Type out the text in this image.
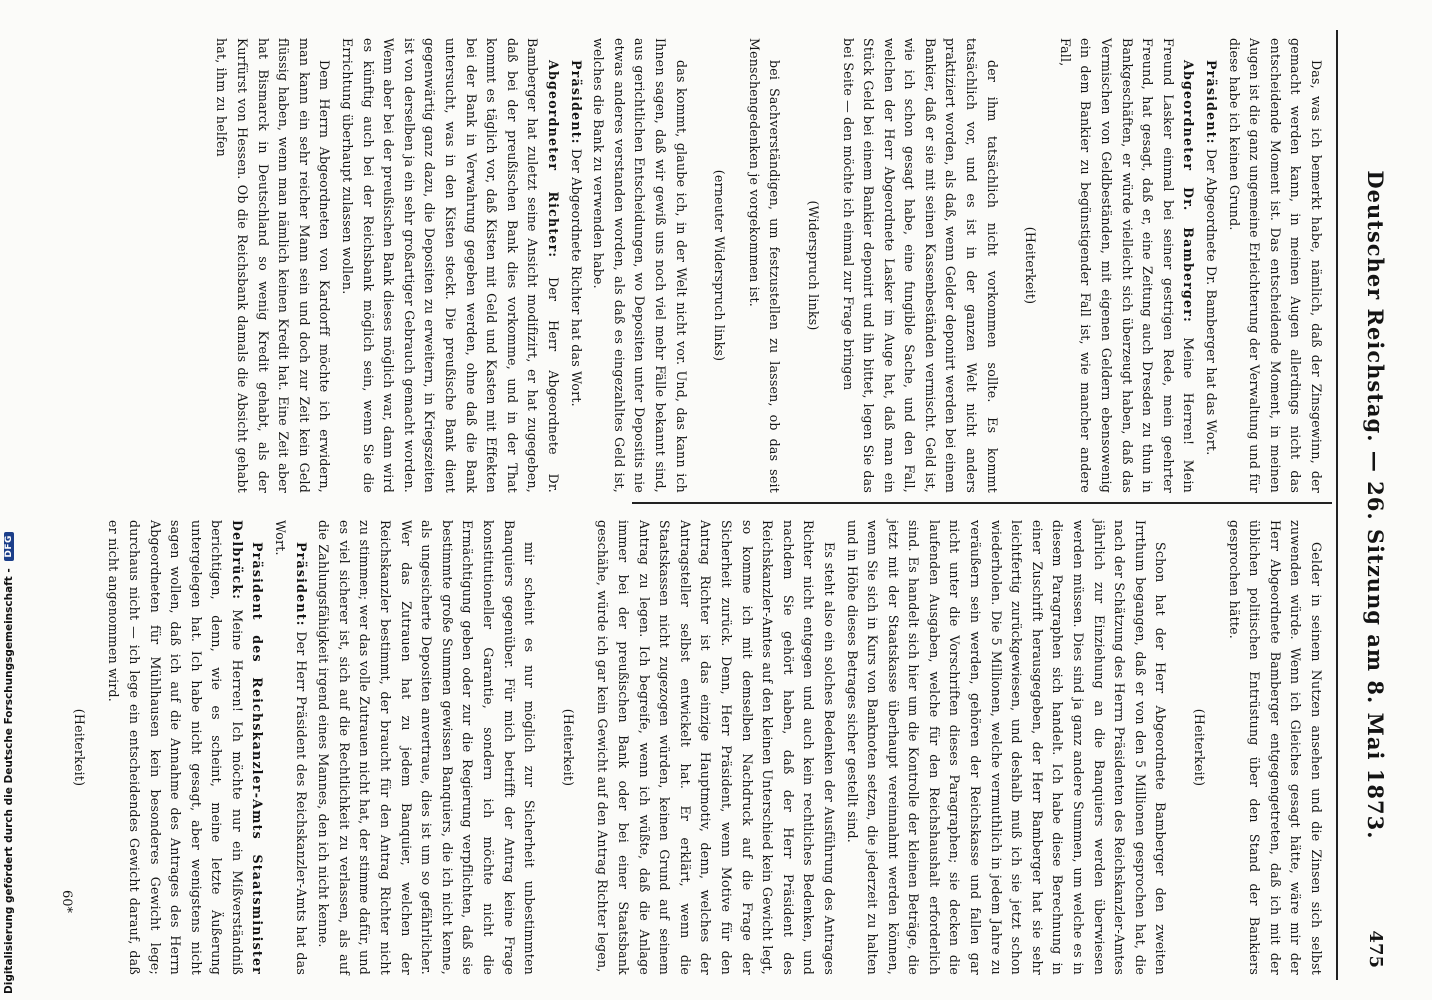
Deutscher Reichstag. — 26. Sitzung am 8. Mai 1873.
475

Das, was ich bemerkt habe, nämlich, daß der Zinsgewinn, der gemacht werden kann, in meinen Augen allerdings nicht das entscheidende Moment ist. Das entscheidende Moment, in meinen Augen ist die ganz ungemeine Erleichterung der Verwaltung und für diese habe ich keinen Grund.

Präsident: Der Abgeordnete Dr. Bamberger hat das Wort.

Abgeordneter Dr. Bamberger: Meine Herren! Mein Freund Lasker einmal bei seiner gestrigen Rede, mein geehrter Freund, hat gesagt, daß er, eine Zeitung auch Dresden zu thun in Bankgeschäften, er würde vielleicht sich überzeugt haben, daß das Vermischen von Geldbeständen, mit eigenen Geldern ebensowenig ein dem Bankier zu begünstigender Fall ist, wie mancher andere Fall,

(Heiterkeit)

der ihm tatsächlich nicht vorkommen sollte. Es kommt tatsächlich vor, und es ist in der ganzen Welt nicht anders praktiziert worden, als daß, wenn Gelder deponirt werden bei einem Bankier, daß er sie mit seinen Kassenbeständen vermischt. Geld ist, wie ich schon gesagt habe, eine fungible Sache, und den Fall, welchen der Herr Abgeordnete Lasker im Auge hat, daß man ein Stück Geld bei einem Bankier deponirt und ihn bittet, legen Sie das bei Seite — den möchte ich einmal zur Frage bringen

(Widerspruch links)

bei Sachverständigen, um festzustellen zu lassen, ob das seit Menschengedenken je vorgekommen ist.

(erneuter Widerspruch links)

das kommt, glaube ich, in der Welt nicht vor. Und, das kann ich Ihnen sagen, daß wir gewiß uns noch viel mehr Fälle bekannt sind, aus gerichtlichen Entscheidungen, wo Depositen unter Depositis nie etwas anderes verstanden worden, als daß es eingezahltes Geld ist, welches die Bank zu verwenden habe.

Präsident: Der Abgeordnete Richter hat das Wort.

Abgeordneter Richter: Der Herr Abgeordnete Dr. Bamberger hat zuletzt seine Ansicht modifizirt, er hat zugegeben, daß bei der preußischen Bank dies vorkomme, und in der That kommt es täglich vor, daß Kisten mit Geld und Kasten mit Effekten bei der Bank in Verwahrung gegeben werden, ohne daß die Bank untersucht, was in den Kisten steckt. Die preußische Bank dient gegenwärtig ganz dazu, die Depositen zu erweitern, in Kriegszeiten ist von derselben ja ein sehr großartiger Gebrauch gemacht worden. Wenn aber bei der preußischen Bank dieses möglich war, dann wird es künftig auch bei der Reichsbank möglich sein, wenn Sie die Errichtung überhaupt zulassen wollen.

Dem Herrn Abgeordneten von Kardorff möchte ich erwidern, man kann ein sehr reicher Mann sein und doch zur Zeit kein Geld flüssig haben, wenn man nämlich keinen Kredit hat. Eine Zeit aber hat Bismarck in Deutschland so wenig Kredit gehabt, als der Kurfürst von Hessen. Ob die Reichsbank damals die Absicht gehabt hat, ihm zu helfen

Gelder in seinem Nutzen ansehen und die Zinsen sich selbst zuwenden würde. Wenn ich Gleiches gesagt hätte, wäre mir der Herr Abgeordnete Bamberger entgegengetreten, daß ich mit der üblichen politischen Entrüstung über den Stand der Bankiers gesprochen hätte.

(Heiterkeit)

Schon hat der Herr Abgeordnete Bamberger den zweiten Irrthum begangen, daß er von den 5 Millionen gesprochen hat, die nach der Schätzung des Herrn Präsidenten des Reichskanzler-Amtes jährlich zur Einziehung an die Banquiers werden überwiesen werden müssen. Dies sind ja ganz andere Summen, um welche es in diesem Paragraphen sich handelt. Ich habe diese Berechnung in einer Zuschrift herausgegeben, der Herr Bamberger hat sie sehr leichtfertig zurückgewiesen, und deshalb muß ich sie jetzt schon wiederholen. Die 5 Millionen, welche vermuthlich in jedem Jahre zu veräußern sein werden, gehören der Reichskasse und fallen gar nicht unter die Vorschriften dieses Paragraphen; sie decken die laufenden Ausgaben, welche für den Reichshaushalt erforderlich sind. Es handelt sich hier um die Kontrolle der kleinen Beträge, die jetzt mit der Staatskasse überhaupt vereinnahmt werden können, wenn Sie sich in Kurs von Banknoten setzen, die jederzeit zu halten und in Höhe dieses Betrages sicher gestellt sind.

Es steht also ein solches Bedenken der Ausführung des Antrages Richter nicht entgegen und auch kein rechtliches Bedenken, und nachdem Sie gehört haben, daß der Herr Präsident des Reichskanzler-Amtes auf den kleinen Unterschied kein Gewicht legt, so komme ich mit demselben Nachdruck auf die Frage der Sicherheit zurück. Denn, Herr Präsident, wenn Motive für den Antrag Richter ist das einzige Hauptmotiv, denn, welches der Antragsteller selbst entwickelt hat. Er erklärt, wenn die Staatskassen nicht zugezogen würden, keinen Grund auf seinem Antrag zu legen. Ich begreife, wenn ich wüßte, daß die Anlage immer bei der preußischen Bank oder bei einer Staatsbank geschähe, würde ich gar kein Gewicht auf den Antrag Richter legen,

(Heiterkeit)

mir scheint es nur möglich zur Sicherheit unbestimmten Banquiers gegenüber. Für mich betrifft der Antrag keine Frage konstitutioneller Garantie, sondern ich möchte nicht die Ermächtigung geben oder zur die Regierung verpflichten, daß sie bestimmte große Summen gewissen Banquiers, die ich nicht kenne, als ungesicherte Depositen anvertraue, dies ist um so gefährlicher. Wer das Zutrauen hat zu jedem Banquier, welchen der Reichskanzler bestimmt, der braucht für den Antrag Richter nicht zu stimmen; wer das volle Zutrauen nicht hat, der stimme dafür, und es viel sicherer ist, sich auf die Rechtlichkeit zu verlassen, als auf die Zahlungsfähigkeit irgend eines Mannes, den ich nicht kenne.

Präsident: Der Herr Präsident des Reichskanzler-Amts hat das Wort.

Präsident des Reichskanzler-Amts Staatsminister Delbrück: Meine Herren! Ich möchte nur ein Mißverständniß berichtigen, denn, wie es scheint, meine letzte Äußerung untergelegen hat. Ich habe nicht gesagt, aber wenigstens nicht sagen wollen, daß ich auf die Annahme des Antrages des Herrn Abgeordneten für Mühlhausen kein besonderes Gewicht lege; durchaus nicht — ich lege ein entscheidendes Gewicht darauf, daß er nicht angenommen wird.

(Heiterkeit)

60*
Digitalisierung gefördert durch die Deutsche Forschungsgemeinschaft - DFG
